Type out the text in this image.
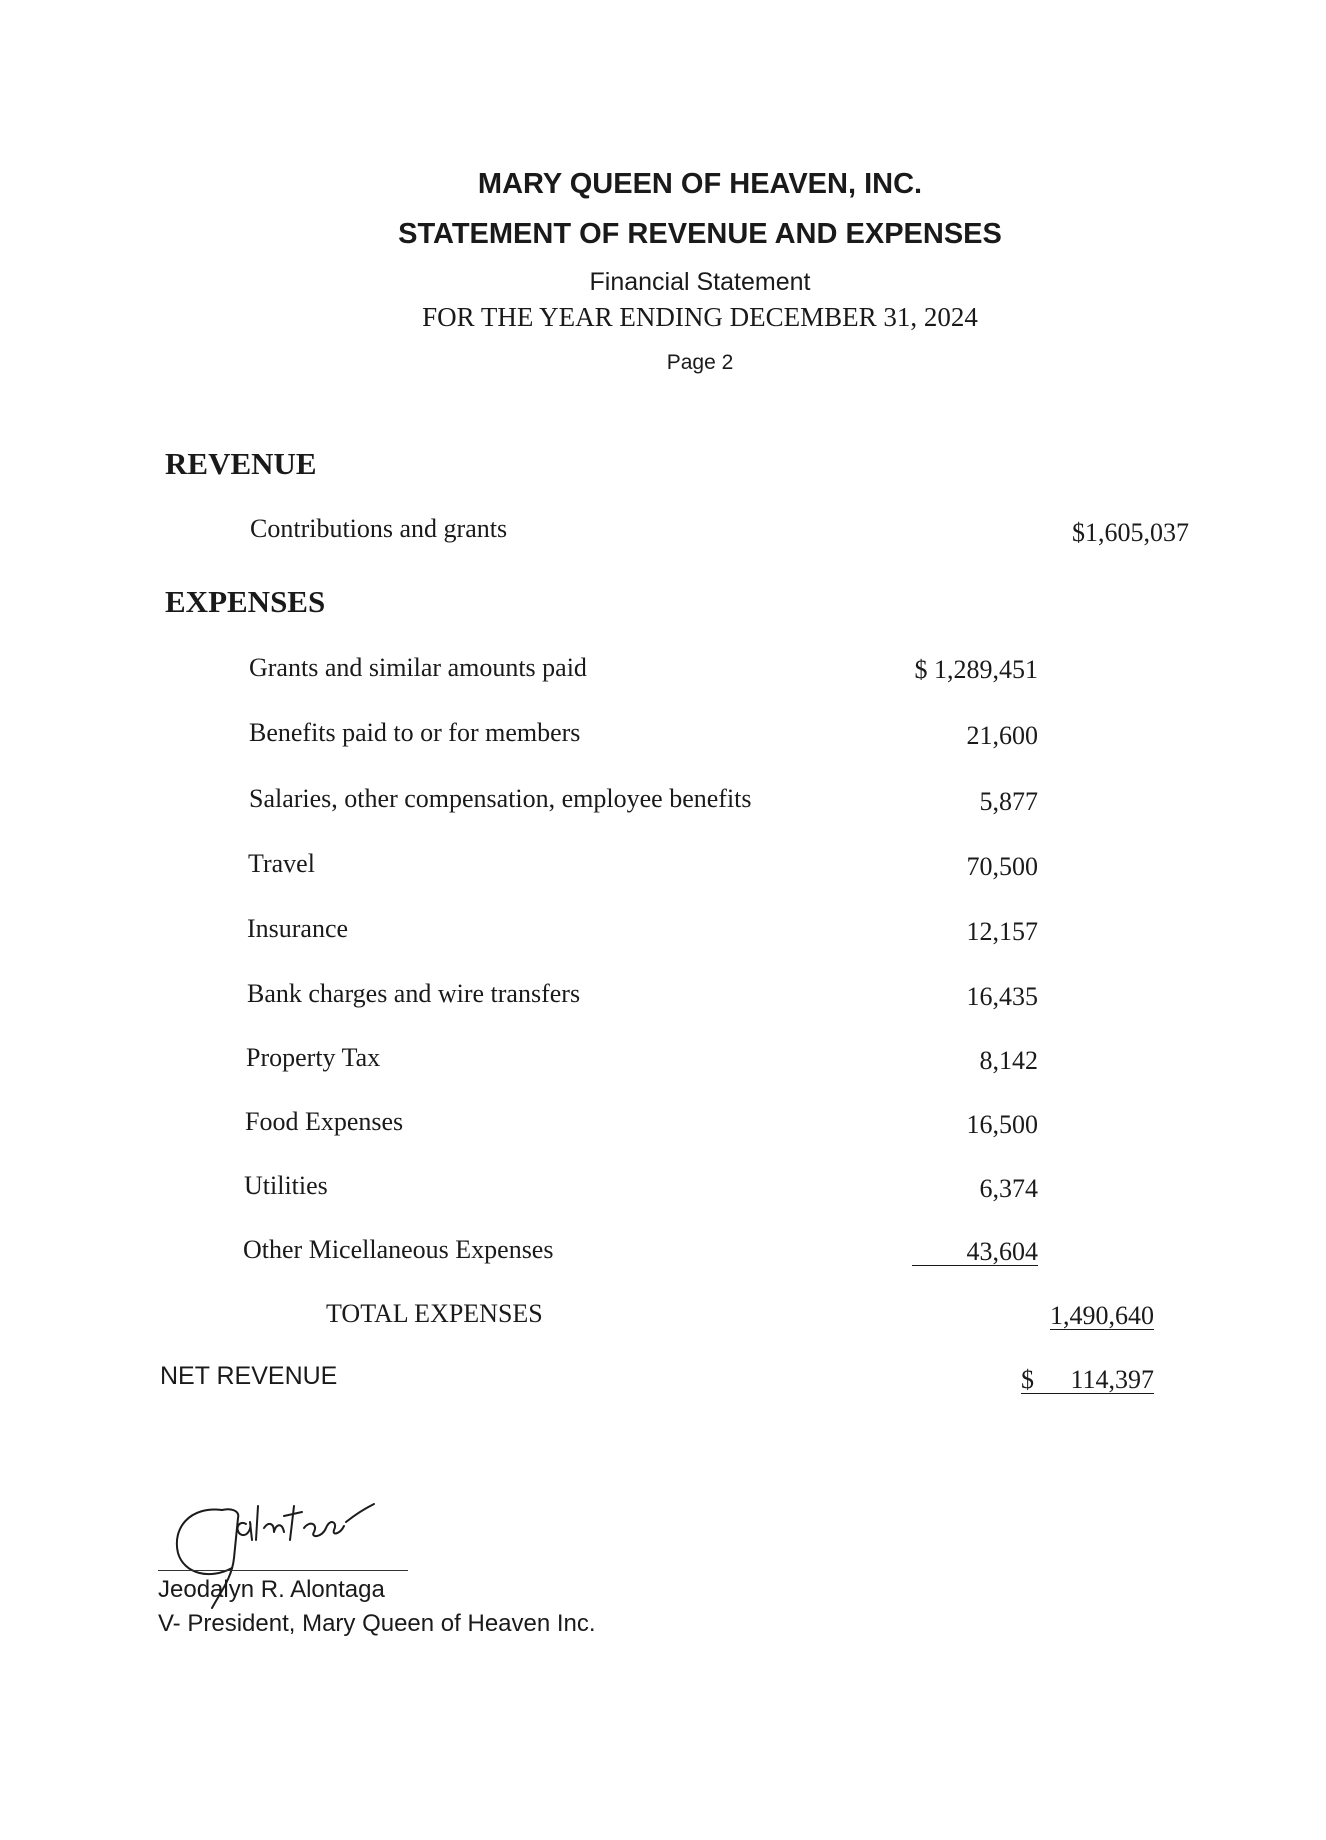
MARY QUEEN OF HEAVEN, INC.
STATEMENT OF REVENUE AND EXPENSES
Financial Statement
FOR THE YEAR ENDING DECEMBER 31, 2024
Page 2
REVENUE
Contributions and grants	$1,605,037
EXPENSES
Grants and similar amounts paid	$ 1,289,451
Benefits paid to or for members	21,600
Salaries, other compensation, employee benefits	5,877
Travel	70,500
Insurance	12,157
Bank charges and wire transfers	16,435
Property Tax	8,142
Food Expenses	16,500
Utilities	6,374
Other Micellaneous Expenses	43,604
TOTAL EXPENSES	1,490,640
NET REVENUE	$ 114,397
Jeodalyn R. Alontaga
V- President, Mary Queen of Heaven Inc.
